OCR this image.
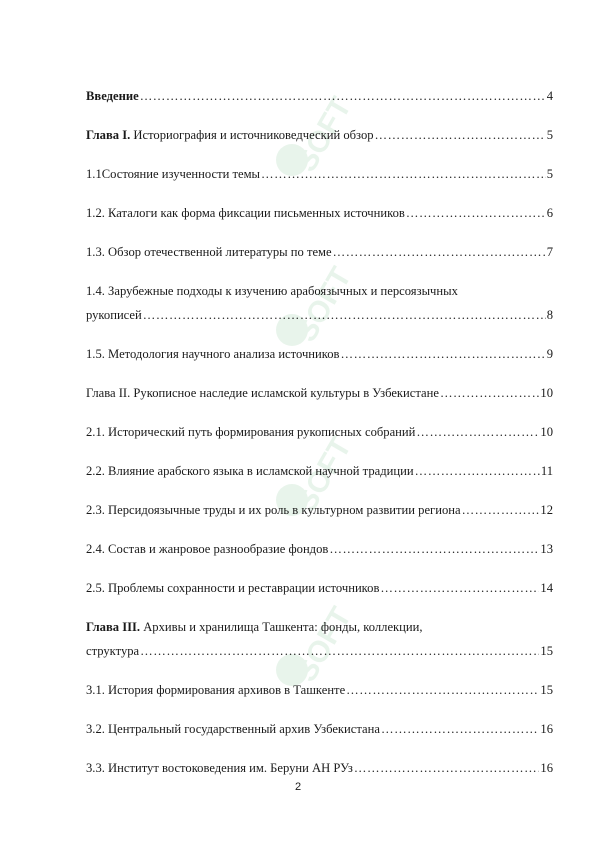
SOFT
SOFT
SOFT
SOFT
Введение ………………………………………………………………………………………………………………………………………………	4
Глава I. Историография и источниковедческий обзор ………………………………………………………………………………………………………………………………………………	5
1.1Состояние изученности темы ………………………………………………………………………………………………………………………………………………	5
1.2. Каталоги как форма фиксации письменных источников ………………………………………………………………………………………………………………………………………………	6
1.3. Обзор отечественной литературы по теме ………………………………………………………………………………………………………………………………………………	7
1.4. Зарубежные подходы к изучению арабоязычных и персоязычных
рукописей ………………………………………………………………………………………………………………………………………………	8
1.5. Методология научного анализа источников ………………………………………………………………………………………………………………………………………………	9
Глава II. Рукописное наследие исламской культуры в Узбекистане ………………………………………………………………………………………………………………………………………………	10
2.1. Исторический путь формирования рукописных собраний ………………………………………………………………………………………………………………………………………………	10
2.2. Влияние арабского языка в исламской научной традиции ………………………………………………………………………………………………………………………………………………	11
2.3. Персидоязычные труды и их роль в культурном развитии региона ………………………………………………………………………………………………………………………………………………	12
2.4. Состав и жанровое разнообразие фондов ………………………………………………………………………………………………………………………………………………	13
2.5. Проблемы сохранности и реставрации источников ………………………………………………………………………………………………………………………………………………	14
Глава III. Архивы и хранилища Ташкента: фонды, коллекции,
структура ………………………………………………………………………………………………………………………………………………	15
3.1. История формирования архивов в Ташкенте ………………………………………………………………………………………………………………………………………………	15
3.2. Центральный государственный архив Узбекистана ………………………………………………………………………………………………………………………………………………	16
3.3. Институт востоковедения им. Беруни АН РУз ………………………………………………………………………………………………………………………………………………	16
2
